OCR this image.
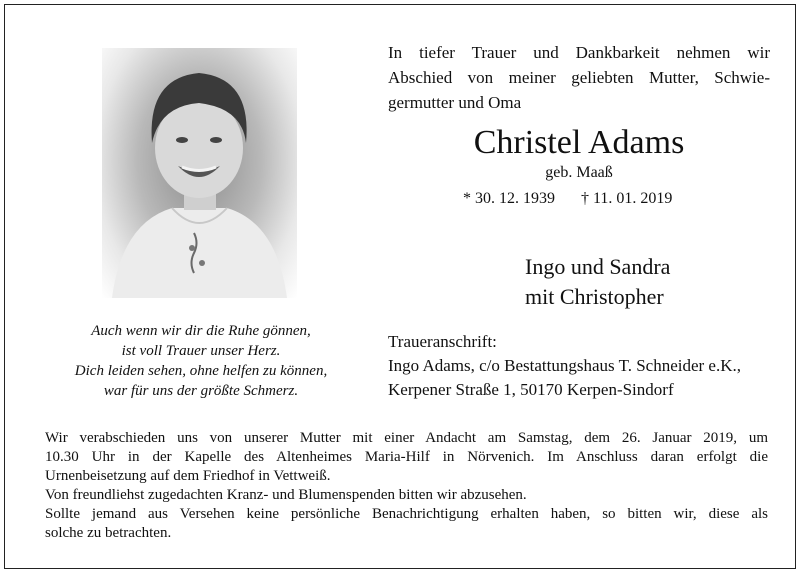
Auch wenn wir dir die Ruhe gönnen,
ist voll Trauer unser Herz.
Dich leiden sehen, ohne helfen zu können,
war für uns der größte Schmerz.
In tiefer Trauer und Dankbarkeit nehmen wir
Abschied von meiner geliebten Mutter, Schwie-
germutter und Oma
Christel Adams
geb. Maaß
* 30. 12. 1939 † 11. 01. 2019
Ingo und Sandra
mit Christopher
Traueranschrift:
Ingo Adams, c/o Bestattungshaus T. Schneider e.K.,
Kerpener Straße 1, 50170 Kerpen-Sindorf

Wir verabschieden uns von unserer Mutter mit einer Andacht am Samstag, dem 26. Januar 2019, um

10.30 Uhr in der Kapelle des Altenheimes Maria-Hilf in Nörvenich. Im Anschluss daran erfolgt die

Urnenbeisetzung auf dem Friedhof in Vettweiß.

Von freundliehst zugedachten Kranz- und Blumenspenden bitten wir abzusehen.

Sollte jemand aus Versehen keine persönliche Benachrichtigung erhalten haben, so bitten wir, diese als

solche zu betrachten.
